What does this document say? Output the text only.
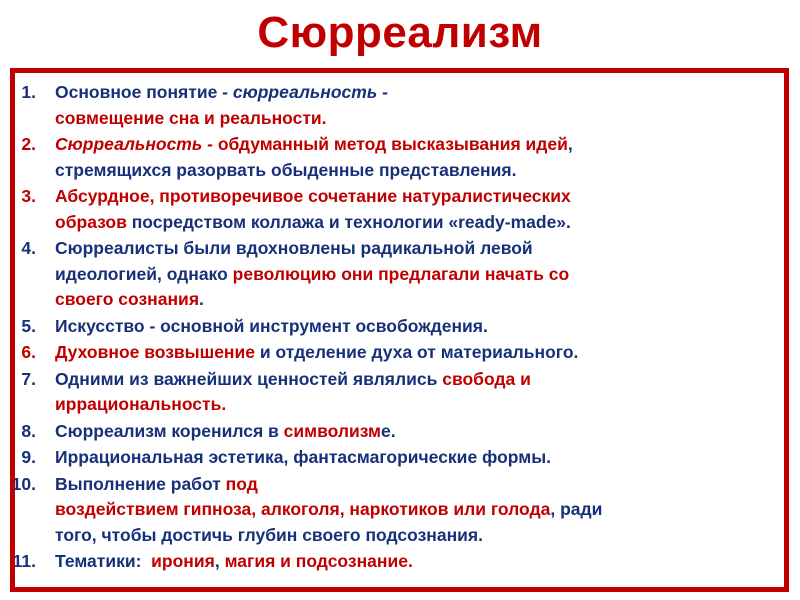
Сюрреализм
1. Основное понятие - сюрреальность -
совмещение сна и реальности.
2. Сюрреальность - обдуманный метод высказывания идей,
стремящихся разорвать обыденные представления.
3. Абсурдное, противоречивое сочетание натуралистических
образов посредством коллажа и технологии «ready-made».
4. Сюрреалисты были вдохновлены радикальной левой
идеологией, однако революцию они предлагали начать со
своего сознания.
5. Искусство - основной инструмент освобождения.
6. Духовное возвышение и отделение духа от материального.
7. Одними из важнейших ценностей являлись свобода и
иррациональность.
8. Сюрреализм коренился в символизме.
9. Иррациональная эстетика, фантасмагорические формы.
10. Выполнение работ под
воздействием гипноза, алкоголя, наркотиков или голода, ради
того, чтобы достичь глубин своего подсознания.
11. Тематики:  ирония, магия и подсознание.
